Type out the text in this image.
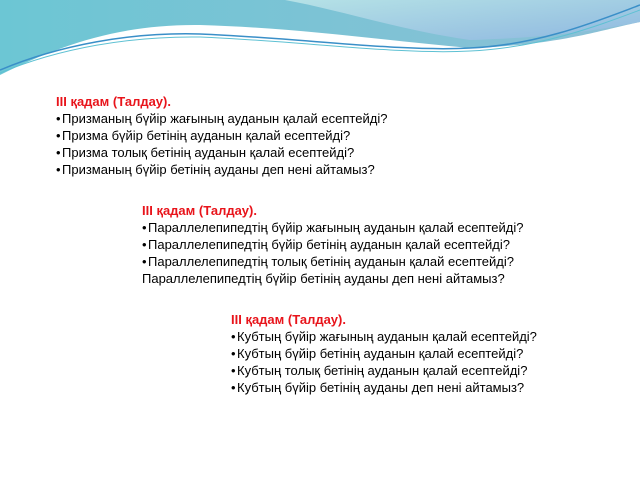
III қадам (Талдау).
•Призманың бүйір жағының ауданын қалай есептейді?
•Призма бүйір бетінің ауданын қалай есептейді?
•Призма толық бетінің ауданын қалай есептейді?
•Призманың бүйір бетінің ауданы деп нені айтамыз?
III қадам (Талдау).
•Параллелепипедтің бүйір жағының ауданын қалай есептейді?
•Параллелепипедтің бүйір бетінің ауданын қалай есептейді?
•Параллелепипедтің толық бетінің ауданын қалай есептейді?
Параллелепипедтің бүйір бетінің ауданы деп нені айтамыз?
III қадам (Талдау).
•Кубтың бүйір жағының ауданын қалай есептейді?
•Кубтың бүйір бетінің ауданын қалай есептейді?
•Кубтың толық бетінің ауданын қалай есептейді?
•Кубтың бүйір бетінің ауданы деп нені айтамыз?
